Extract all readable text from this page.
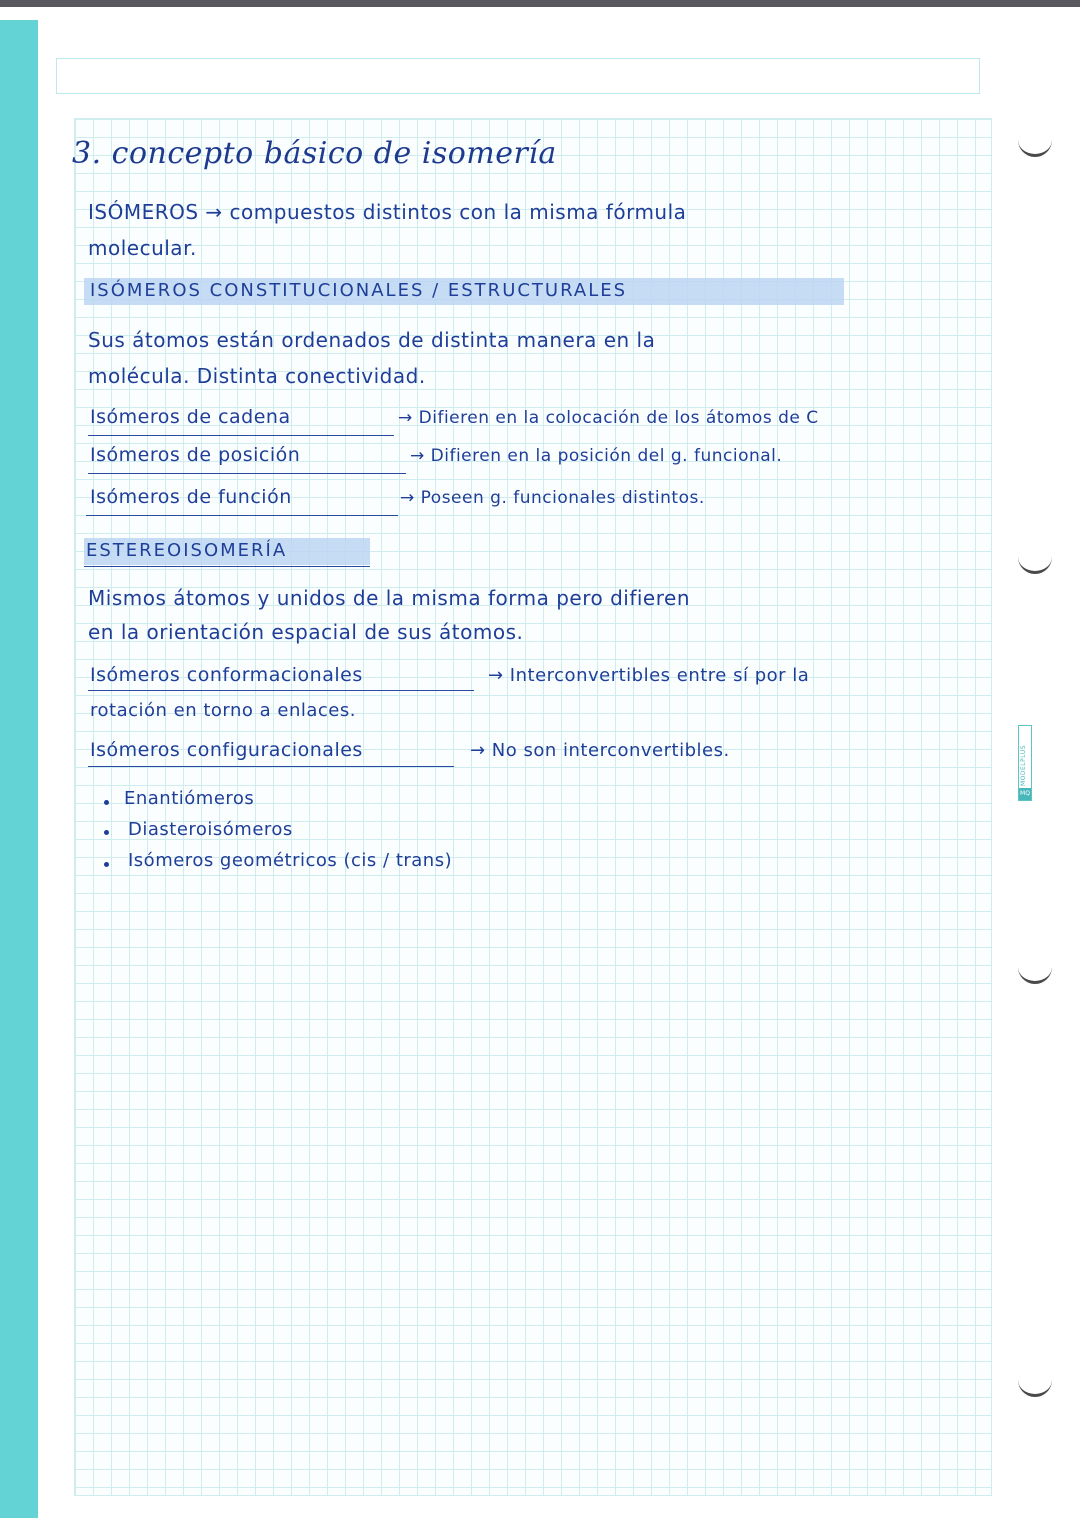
MODELPLUS
MQ
3. concepto básico de isomería
ISÓMEROS → compuestos distintos con la misma fórmula
molecular.
ISÓMEROS CONSTITUCIONALES / ESTRUCTURALES
Sus átomos están ordenados de distinta manera en la
molécula. Distinta conectividad.
Isómeros de cadena	→ Difieren en la colocación de los átomos de C
Isómeros de posición	→ Difieren en la posición del g. funcional.
Isómeros de función	→ Poseen g. funcionales distintos.
ESTEREOISOMERÍA
Mismos átomos y unidos de la misma forma pero difieren
en la orientación espacial de sus átomos.
Isómeros conformacionales	→ Interconvertibles entre sí por la
rotación en torno a enlaces.
Isómeros configuracionales	→ No son interconvertibles.
Enantiómeros
Diasteroisómeros
Isómeros geométricos (cis / trans)
